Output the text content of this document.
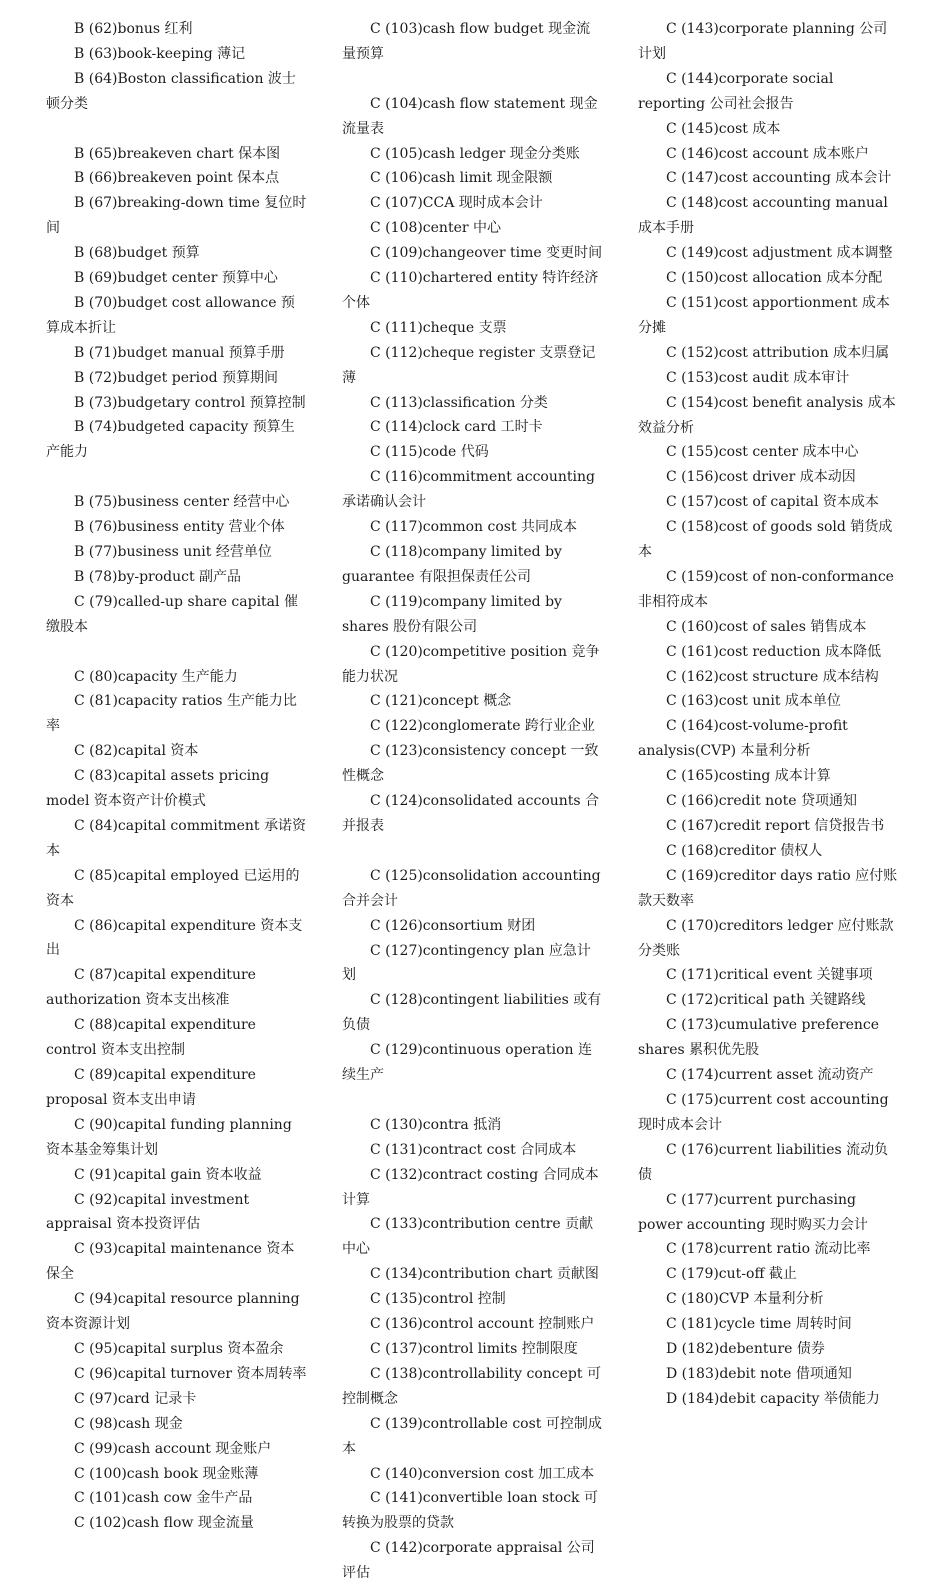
B (62)bonus 红利

B (63)book-keeping 薄记

B (64)Boston classification 波士顿分类

B (65)breakeven chart 保本图

B (66)breakeven point 保本点

B (67)breaking-down time 复位时间

B (68)budget 预算

B (69)budget center 预算中心

B (70)budget cost allowance 预算成本折让

B (71)budget manual 预算手册

B (72)budget period 预算期间

B (73)budgetary control 预算控制

B (74)budgeted capacity 预算生产能力

B (75)business center 经营中心

B (76)business entity 营业个体

B (77)business unit 经营单位

B (78)by-product 副产品

C (79)called-up share capital 催缴股本

C (80)capacity 生产能力

C (81)capacity ratios 生产能力比率

C (82)capital 资本

C (83)capital assets pricing model 资本资产计价模式

C (84)capital commitment 承诺资本

C (85)capital employed 已运用的资本

C (86)capital expenditure 资本支出

C (87)capital expenditure authorization 资本支出核准

C (88)capital expenditure control 资本支出控制

C (89)capital expenditure proposal 资本支出申请

C (90)capital funding planning 资本基金筹集计划

C (91)capital gain 资本收益

C (92)capital investment appraisal 资本投资评估

C (93)capital maintenance 资本保全

C (94)capital resource planning 资本资源计划

C (95)capital surplus 资本盈余

C (96)capital turnover 资本周转率

C (97)card 记录卡

C (98)cash 现金

C (99)cash account 现金账户

C (100)cash book 现金账薄

C (101)cash cow 金牛产品

C (102)cash flow 现金流量

C (103)cash flow budget 现金流量预算

C (104)cash flow statement 现金流量表

C (105)cash ledger 现金分类账

C (106)cash limit 现金限额

C (107)CCA 现时成本会计

C (108)center 中心

C (109)changeover time 变更时间

C (110)chartered entity 特许经济个体

C (111)cheque 支票

C (112)cheque register 支票登记薄

C (113)classification 分类

C (114)clock card 工时卡

C (115)code 代码

C (116)commitment accounting 承诺确认会计

C (117)common cost 共同成本

C (118)company limited by guarantee 有限担保责任公司

C (119)company limited by shares 股份有限公司

C (120)competitive position 竞争能力状况

C (121)concept 概念

C (122)conglomerate 跨行业企业

C (123)consistency concept 一致性概念

C (124)consolidated accounts 合并报表

C (125)consolidation accounting 合并会计

C (126)consortium 财团

C (127)contingency plan 应急计划

C (128)contingent liabilities 或有负债

C (129)continuous operation 连续生产

C (130)contra 抵消

C (131)contract cost 合同成本

C (132)contract costing 合同成本计算

C (133)contribution centre 贡献中心

C (134)contribution chart 贡献图

C (135)control 控制

C (136)control account 控制账户

C (137)control limits 控制限度

C (138)controllability concept 可控制概念

C (139)controllable cost 可控制成本

C (140)conversion cost 加工成本

C (141)convertible loan stock 可转换为股票的贷款

C (142)corporate appraisal 公司评估

C (143)corporate planning 公司计划

C (144)corporate social reporting 公司社会报告

C (145)cost 成本

C (146)cost account 成本账户

C (147)cost accounting 成本会计

C (148)cost accounting manual 成本手册

C (149)cost adjustment 成本调整

C (150)cost allocation 成本分配

C (151)cost apportionment 成本分摊

C (152)cost attribution 成本归属

C (153)cost audit 成本审计

C (154)cost benefit analysis 成本效益分析

C (155)cost center 成本中心

C (156)cost driver 成本动因

C (157)cost of capital 资本成本

C (158)cost of goods sold 销货成本

C (159)cost of non-conformance 非相符成本

C (160)cost of sales 销售成本

C (161)cost reduction 成本降低

C (162)cost structure 成本结构

C (163)cost unit 成本单位

C (164)cost-volume-profit analysis(CVP) 本量利分析

C (165)costing 成本计算

C (166)credit note 贷项通知

C (167)credit report 信贷报告书

C (168)creditor 债权人

C (169)creditor days ratio 应付账款天数率

C (170)creditors ledger 应付账款分类账

C (171)critical event 关键事项

C (172)critical path 关键路线

C (173)cumulative preference shares 累积优先股

C (174)current asset 流动资产

C (175)current cost accounting 现时成本会计

C (176)current liabilities 流动负债

C (177)current purchasing power accounting 现时购买力会计

C (178)current ratio 流动比率

C (179)cut-off 截止

C (180)CVP 本量利分析

C (181)cycle time 周转时间

D (182)debenture 债券

D (183)debit note 借项通知

D (184)debit capacity 举债能力
